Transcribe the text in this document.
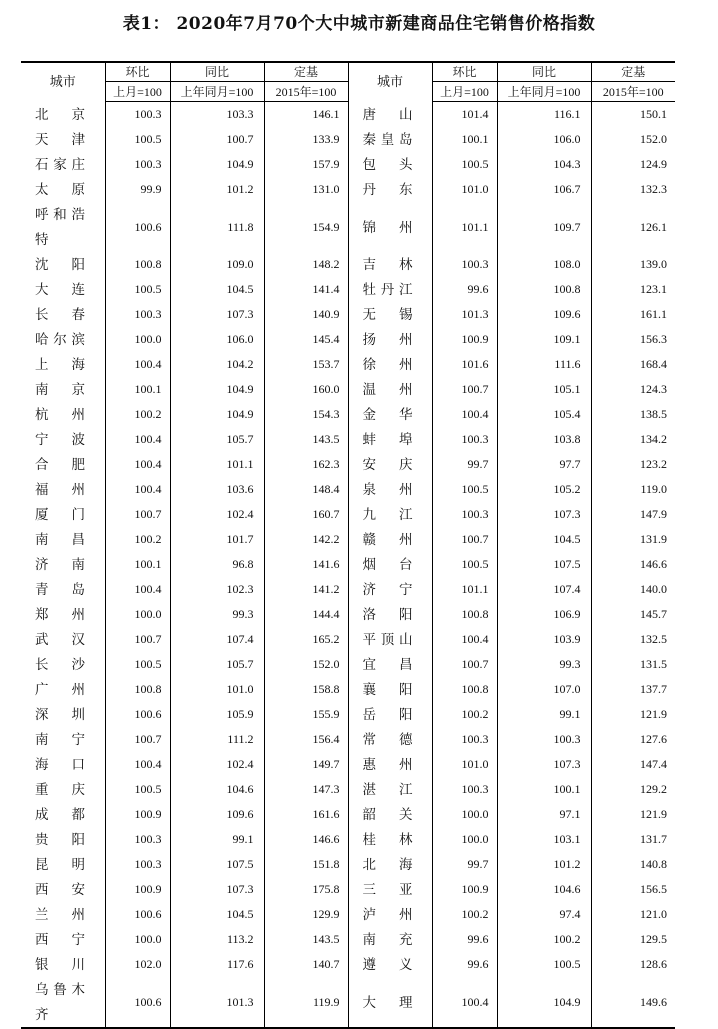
表1： 2020年7月70个大中城市新建商品住宅销售价格指数
城市	环比	同比	定基	城市	环比	同比	定基
	上月=100	上年同月=100	2015年=100		上月=100	上年同月=100	2015年=100
北京	100.3	103.3	146.1	唐山	101.4	116.1	150.1
天津	100.5	100.7	133.9	秦皇岛	100.1	106.0	152.0
石家庄	100.3	104.9	157.9	包头	100.5	104.3	124.9
太原	99.9	101.2	131.0	丹东	101.0	106.7	132.3
呼和浩特	100.6	111.8	154.9	锦州	101.1	109.7	126.1
沈阳	100.8	109.0	148.2	吉林	100.3	108.0	139.0
大连	100.5	104.5	141.4	牡丹江	99.6	100.8	123.1
长春	100.3	107.3	140.9	无锡	101.3	109.6	161.1
哈尔滨	100.0	106.0	145.4	扬州	100.9	109.1	156.3
上海	100.4	104.2	153.7	徐州	101.6	111.6	168.4
南京	100.1	104.9	160.0	温州	100.7	105.1	124.3
杭州	100.2	104.9	154.3	金华	100.4	105.4	138.5
宁波	100.4	105.7	143.5	蚌埠	100.3	103.8	134.2
合肥	100.4	101.1	162.3	安庆	99.7	97.7	123.2
福州	100.4	103.6	148.4	泉州	100.5	105.2	119.0
厦门	100.7	102.4	160.7	九江	100.3	107.3	147.9
南昌	100.2	101.7	142.2	赣州	100.7	104.5	131.9
济南	100.1	96.8	141.6	烟台	100.5	107.5	146.6
青岛	100.4	102.3	141.2	济宁	101.1	107.4	140.0
郑州	100.0	99.3	144.4	洛阳	100.8	106.9	145.7
武汉	100.7	107.4	165.2	平顶山	100.4	103.9	132.5
长沙	100.5	105.7	152.0	宜昌	100.7	99.3	131.5
广州	100.8	101.0	158.8	襄阳	100.8	107.0	137.7
深圳	100.6	105.9	155.9	岳阳	100.2	99.1	121.9
南宁	100.7	111.2	156.4	常德	100.3	100.3	127.6
海口	100.4	102.4	149.7	惠州	101.0	107.3	147.4
重庆	100.5	104.6	147.3	湛江	100.3	100.1	129.2
成都	100.9	109.6	161.6	韶关	100.0	97.1	121.9
贵阳	100.3	99.1	146.6	桂林	100.0	103.1	131.7
昆明	100.3	107.5	151.8	北海	99.7	101.2	140.8
西安	100.9	107.3	175.8	三亚	100.9	104.6	156.5
兰州	100.6	104.5	129.9	泸州	100.2	97.4	121.0
西宁	100.0	113.2	143.5	南充	99.6	100.2	129.5
银川	102.0	117.6	140.7	遵义	99.6	100.5	128.6
乌鲁木齐	100.6	101.3	119.9	大理	100.4	104.9	149.6
